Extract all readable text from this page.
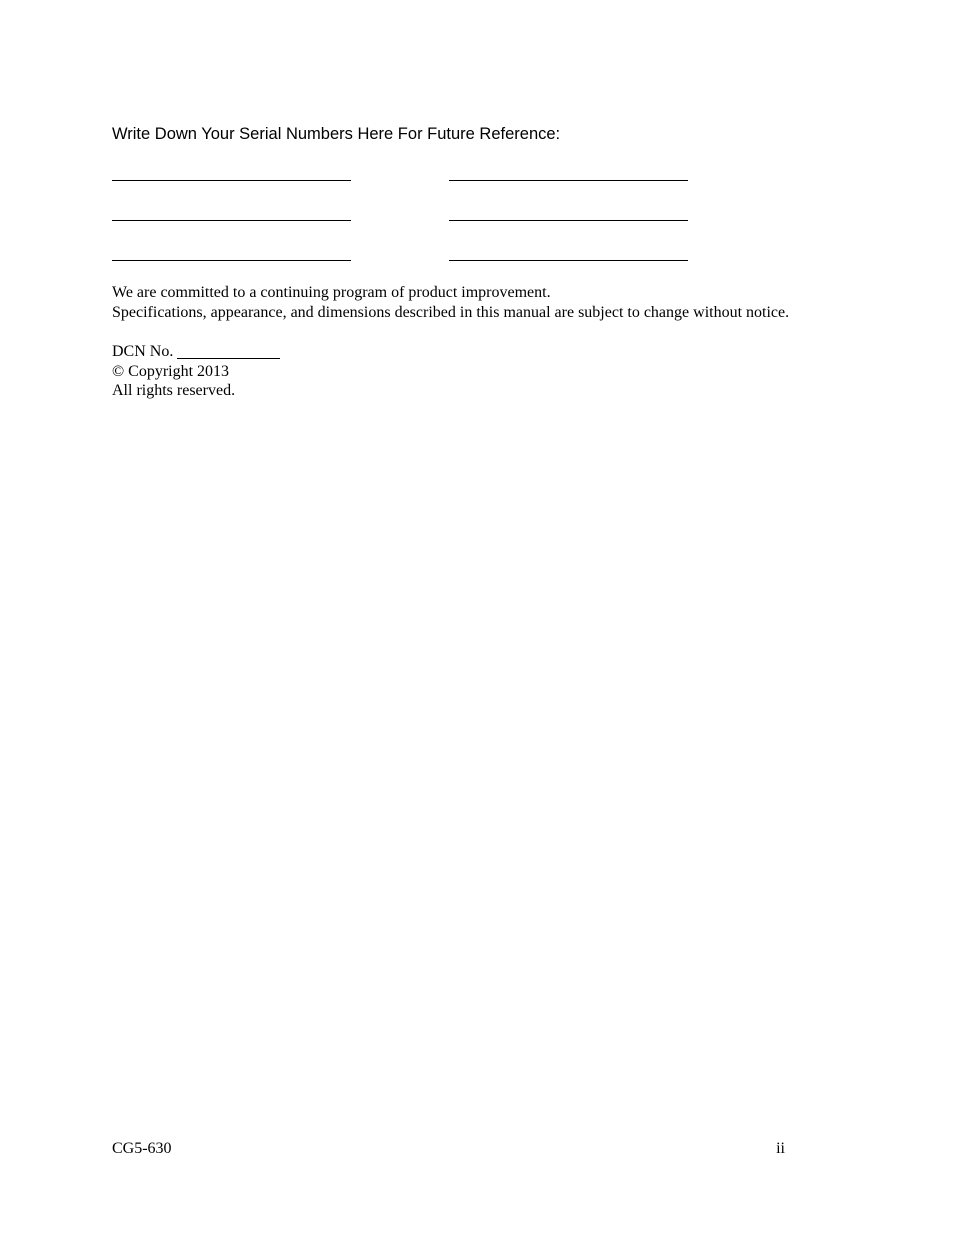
Write Down Your Serial Numbers Here For Future Reference:
We are committed to a continuing program of product improvement.
Specifications, appearance, and dimensions described in this manual are subject to change without notice.
DCN No.
© Copyright 2013
All rights reserved.
CG5-630	ii
